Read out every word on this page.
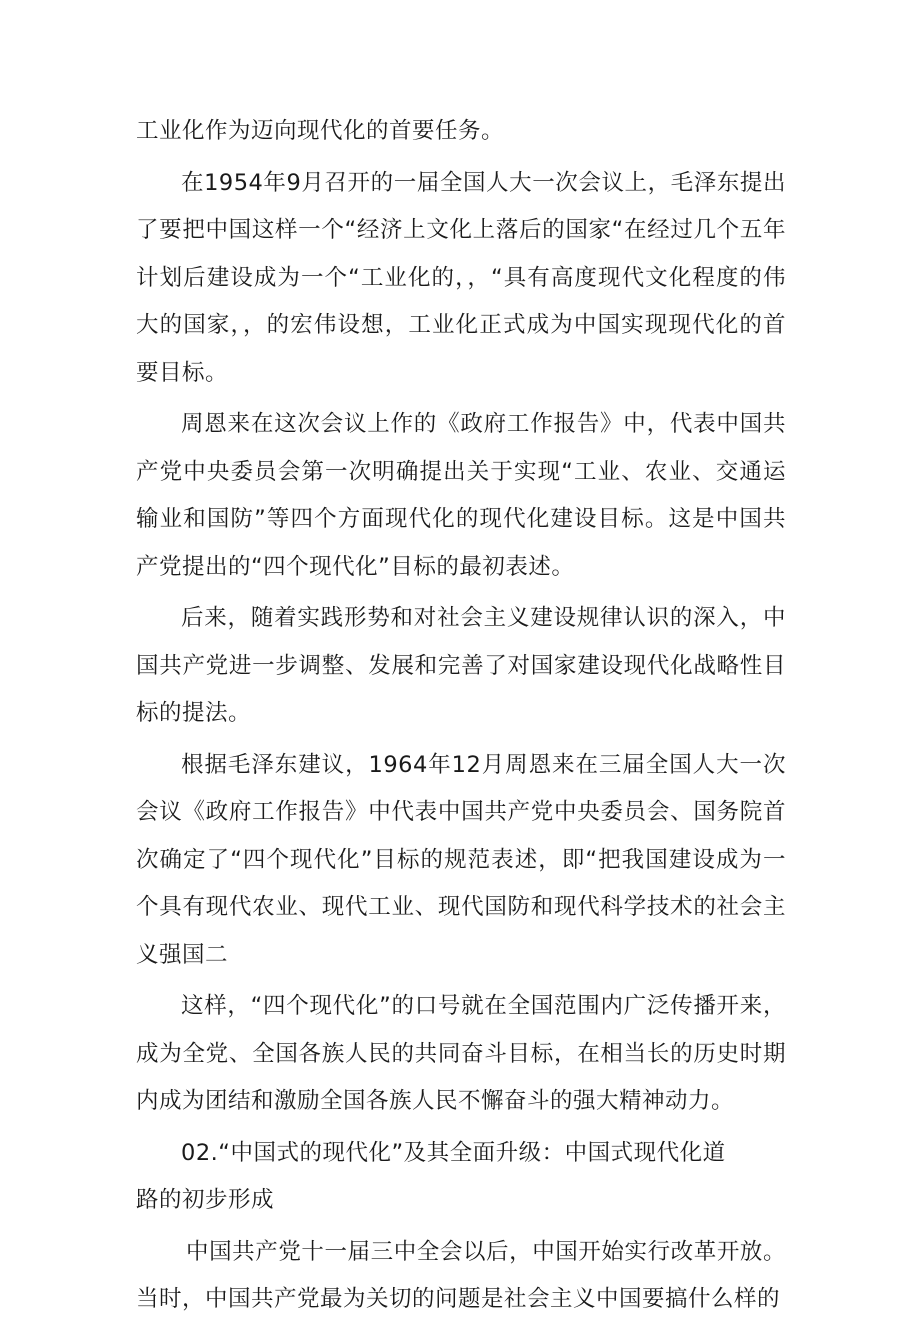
工业化作为迈向现代化的首要任务。

在1954年9月召开的一届全国人大一次会议上，毛泽东提出了要把中国这样一个“经济上文化上落后的国家“在经过几个五年计划后建设成为一个“工业化的，，“具有高度现代文化程度的伟大的国家，，的宏伟设想，工业化正式成为中国实现现代化的首要目标。

周恩来在这次会议上作的《政府工作报告》中，代表中国共产党中央委员会第一次明确提出关于实现“工业、农业、交通运输业和国防”等四个方面现代化的现代化建设目标。这是中国共产党提出的“四个现代化”目标的最初表述。

后来，随着实践形势和对社会主义建设规律认识的深入，中国共产党进一步调整、发展和完善了对国家建设现代化战略性目标的提法。

根据毛泽东建议，1964年12月周恩来在三届全国人大一次会议《政府工作报告》中代表中国共产党中央委员会、国务院首次确定了“四个现代化”目标的规范表述，即“把我国建设成为一个具有现代农业、现代工业、现代国防和现代科学技术的社会主义强国二

这样，“四个现代化”的口号就在全国范围内广泛传播开来，成为全党、全国各族人民的共同奋斗目标，在相当长的历史时期内成为团结和激励全国各族人民不懈奋斗的强大精神动力。

02.“中国式的现代化”及其全面升级：中国式现代化道路的初步形成

中国共产党十一届三中全会以后，中国开始实行改革开放。当时，中国共产党最为关切的问题是社会主义中国要搞什么样的
